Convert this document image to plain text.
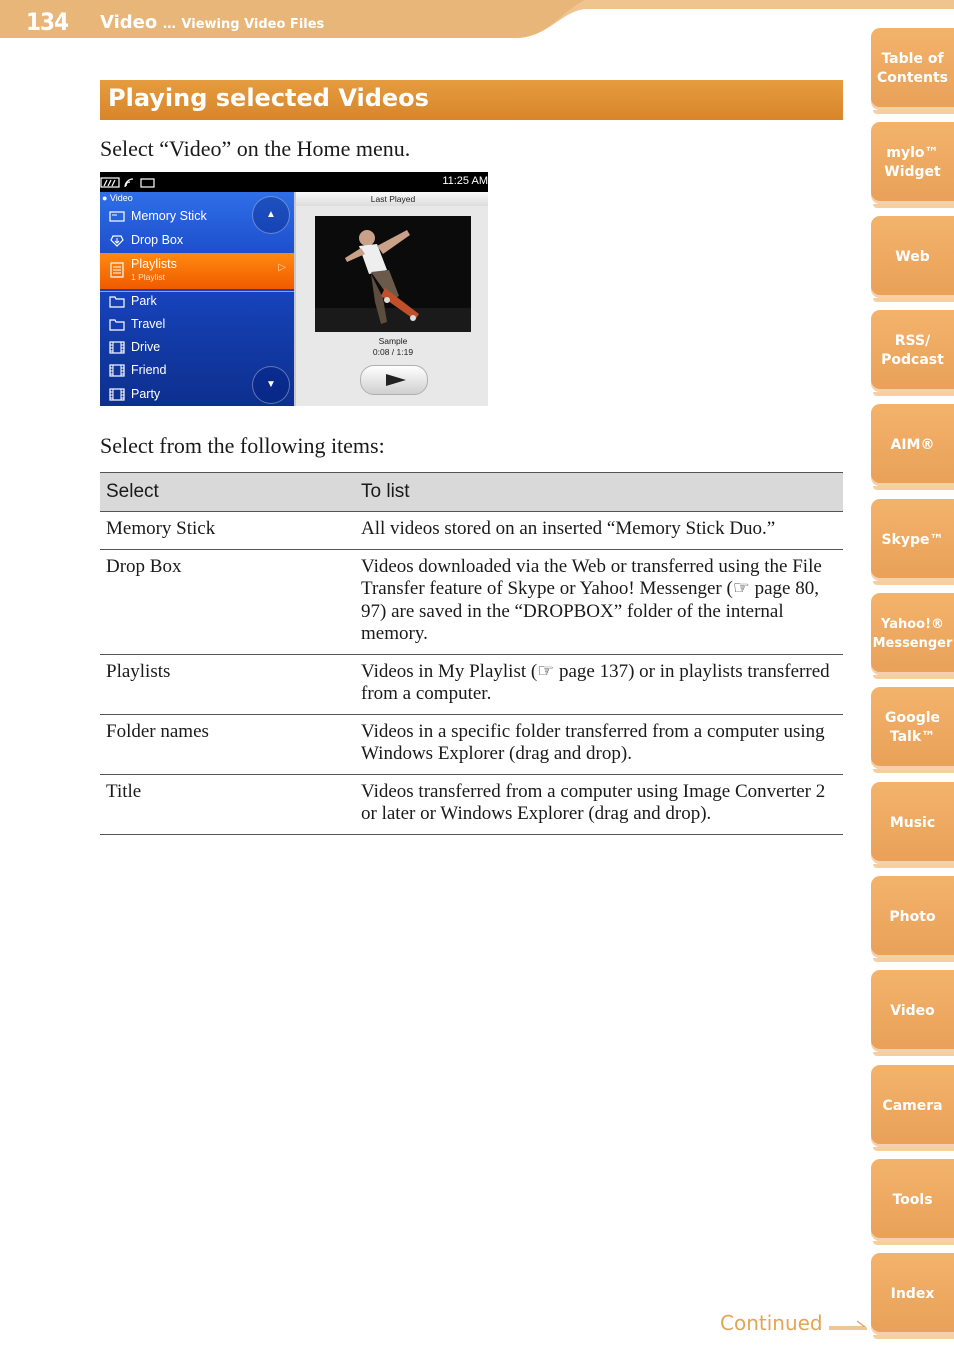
134 Video … Viewing Video Files
Playing selected Videos
Select “Video” on the Home menu.
11:25 AM
● Video
Memory Stick
Drop Box
Playlists
1 Playlist
▷
Park
Travel
Drive
Friend
Party
▲
▼
Last Played
Sample
0:08 / 1:19
Select from the following items:
Select	To list
Memory Stick	All videos stored on an inserted “Memory Stick Duo.”
Drop Box	Videos downloaded via the Web or transferred using the File Transfer feature of Skype or Yahoo! Messenger (☞ page 80, 97) are saved in the “DROPBOX” folder of the internal memory.
Playlists	Videos in My Playlist (☞ page 137) or in playlists transferred from a computer.
Folder names	Videos in a specific folder transferred from a computer using Windows Explorer (drag and drop).
Title	Videos transferred from a computer using Image Converter 2 or later or Windows Explorer (drag and drop).
Table of
Contents
mylo™
Widget
Web
RSS/
Podcast
AIM®
Skype™
Yahoo!®
Messenger
Google
Talk™
Music
Photo
Video
Camera
Tools
Index
Continued
